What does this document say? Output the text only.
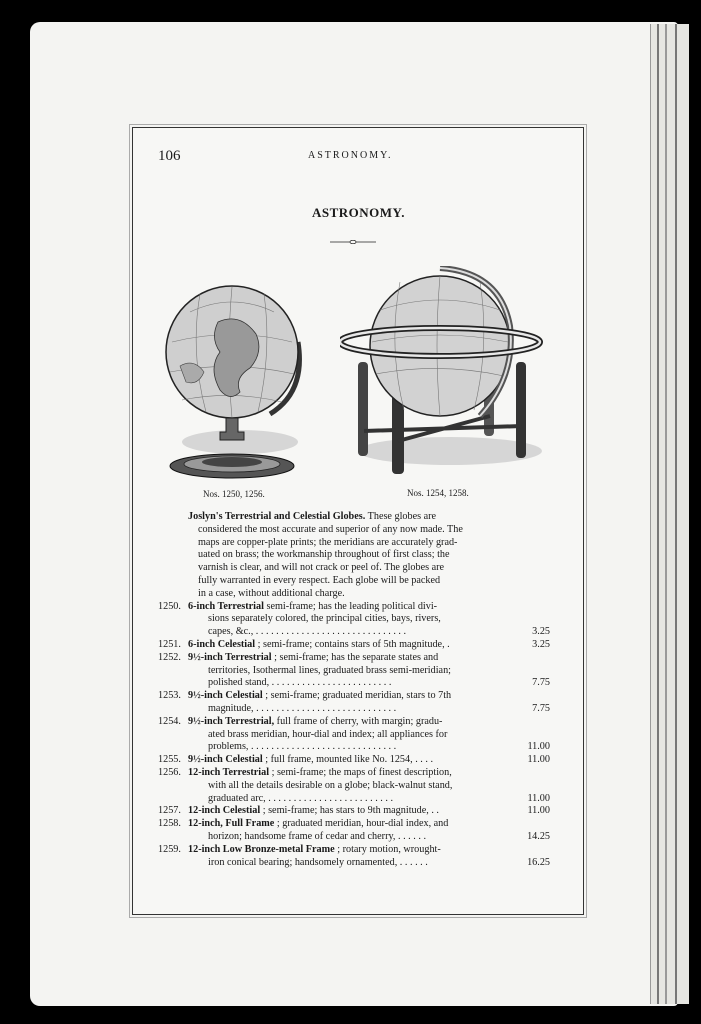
106	ASTRONOMY.
ASTRONOMY.
Nos. 1250, 1256.	Nos. 1254, 1258.
Joslyn's Terrestrial and Celestial Globes. These globes are
considered the most accurate and superior of any now made. The
maps are copper-plate prints; the meridians are accurately grad-
uated on brass; the workmanship throughout of first class; the
varnish is clear, and will not crack or peel of. The globes are
fully warranted in every respect. Each globe will be packed
in a case, without additional charge.
1250. 6-inch Terrestrial semi-frame; has the leading political divi-
sions separately colored, the principal cities, bays, rivers,
capes, &c., . . . . . . . . . . . . . . . . . . . . . . . . . . . . . .	3.25
1251. 6-inch Celestial ; semi-frame; contains stars of 5th magnitude, .	3.25
1252. 9½-inch Terrestrial ; semi-frame; has the separate states and
territories, Isothermal lines, graduated brass semi-meridian;
polished stand, . . . . . . . . . . . . . . . . . . . . . . . .	7.75
1253. 9½-inch Celestial ; semi-frame; graduated meridian, stars to 7th
magnitude, . . . . . . . . . . . . . . . . . . . . . . . . . . . .	7.75
1254. 9½-inch Terrestrial, full frame of cherry, with margin; gradu-
ated brass meridian, hour-dial and index; all appliances for
problems, . . . . . . . . . . . . . . . . . . . . . . . . . . . . .	11.00
1255. 9½-inch Celestial ; full frame, mounted like No. 1254, . . . .	11.00
1256. 12-inch Terrestrial ; semi-frame; the maps of finest description,
with all the details desirable on a globe; black-walnut stand,
graduated arc, . . . . . . . . . . . . . . . . . . . . . . . . .	11.00
1257. 12-inch Celestial ; semi-frame; has stars to 9th magnitude, . .	11.00
1258. 12-inch, Full Frame ; graduated meridian, hour-dial index, and
horizon; handsome frame of cedar and cherry, . . . . . .	14.25
1259. 12-inch Low Bronze-metal Frame ; rotary motion, wrought-
iron conical bearing; handsomely ornamented, . . . . . .	16.25
